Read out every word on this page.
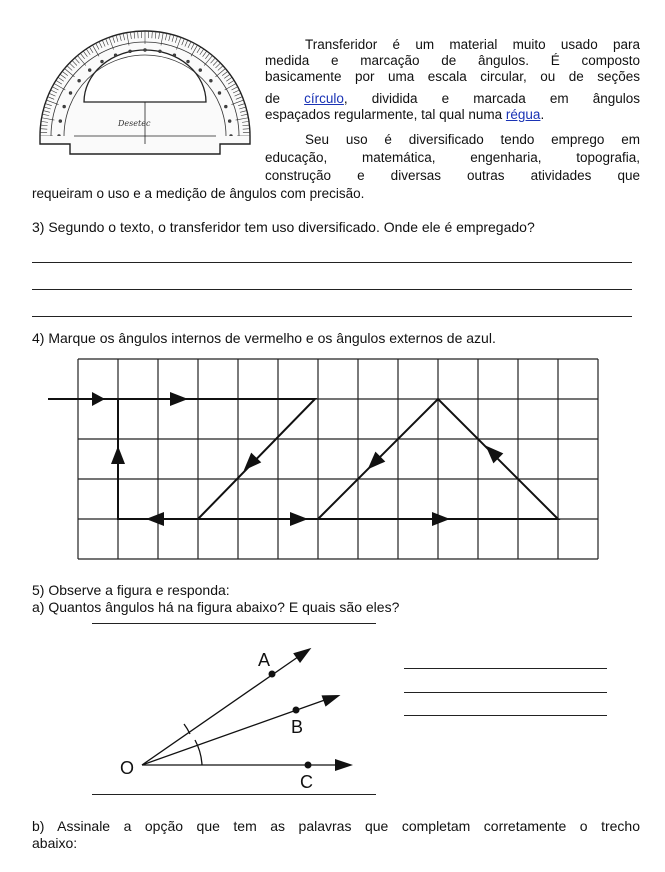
Desetec
Transferidor é um material muito usado para
medida e marcação de ângulos. É composto
basicamente por uma escala circular, ou de seções
de círculo, dividida e marcada em ângulos
espaçados regularmente, tal qual numa régua.
Seu uso é diversificado tendo emprego em
educação, matemática, engenharia, topografia,
construção e diversas outras atividades que
requeiram o uso e a medição de ângulos com precisão.
3) Segundo o texto, o transferidor tem uso diversificado. Onde ele é empregado?
4) Marque os ângulos internos de vermelho e os ângulos externos de azul.
5) Observe a figura e responda:
a) Quantos ângulos há na figura abaixo? E quais são eles?
A
B
C
O
b) Assinale a opção que tem as palavras que completam corretamente o trecho
abaixo:
